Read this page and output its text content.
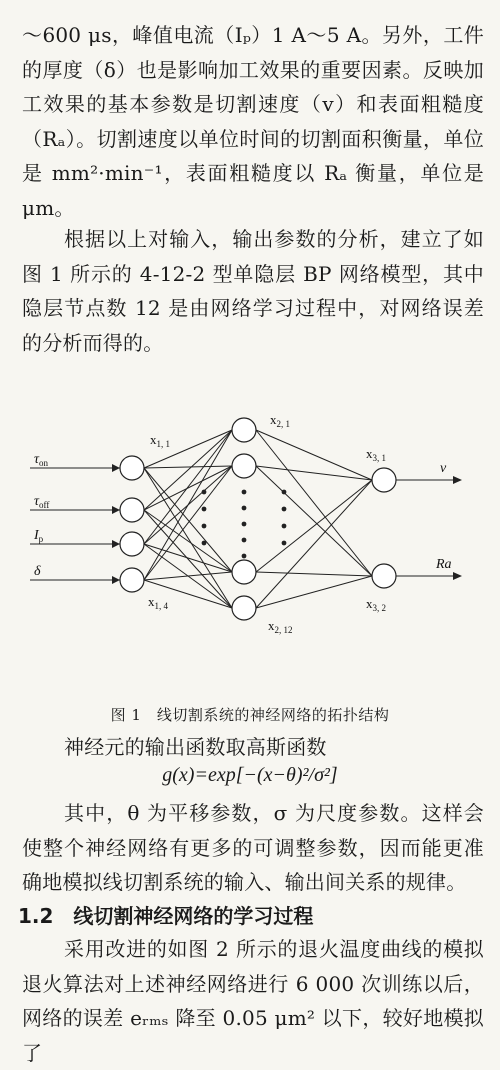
～600 μs，峰值电流（Iₚ）1 A～5 A。另外，工件的厚度（δ）也是影响加工效果的重要因素。反映加工效果的基本参数是切割速度（v）和表面粗糙度（Rₐ）。切割速度以单位时间的切割面积衡量，单位是 mm²·min⁻¹，表面粗糙度以 Rₐ 衡量，单位是 μm。
根据以上对输入，输出参数的分析，建立了如图 1 所示的 4-12-2 型单隐层 BP 网络模型，其中隐层节点数 12 是由网络学习过程中，对网络误差的分析而得的。
$\tau_{on}$
$\tau_{off}$
$I_p$
δ
$x_{1, 1}$
$x_{1, 4}$
$x_{2, 1}$
$x_{2, 12}$
$x_{3, 1}$
$x_{3, 2}$
v
Ra
图 1　线切割系统的神经网络的拓扑结构
神经元的输出函数取高斯函数
g(x)=exp[−(x−θ)²/σ²]
其中，θ 为平移参数，σ 为尺度参数。这样会使整个神经网络有更多的可调整参数，因而能更准确地模拟线切割系统的输入、输出间关系的规律。
1.2　线切割神经网络的学习过程
采用改进的如图 2 所示的退火温度曲线的模拟退火算法对上述神经网络进行 6 000 次训练以后，网络的误差 eᵣₘₛ 降至 0.05 μm² 以下，较好地模拟了
